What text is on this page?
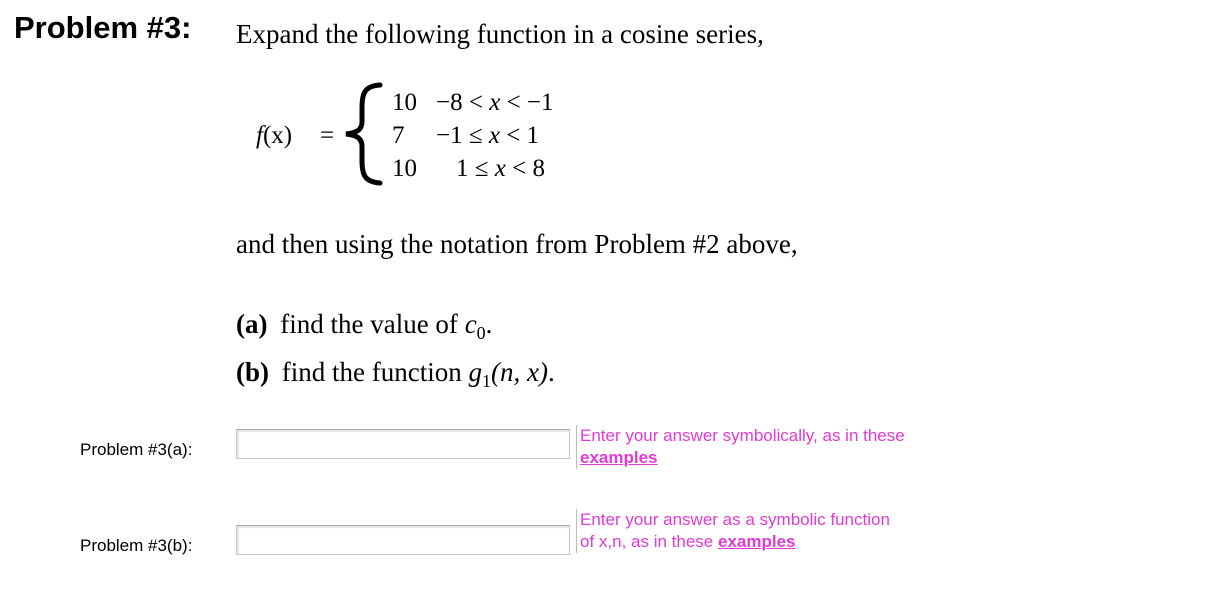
Problem #3: Expand the following function in a cosine series,
f(x) =
10 −8 < x < −1
7 −1 ≤ x < 1
10 1 ≤ x < 8
and then using the notation from Problem #2 above,
(a) find the value of $c_0$.
(b) find the function $g_1(n$, x).
Problem #3(a):
Enter your answer symbolically, as in these examples
Problem #3(b):
Enter your answer as a symbolic function of x,n, as in these examples
